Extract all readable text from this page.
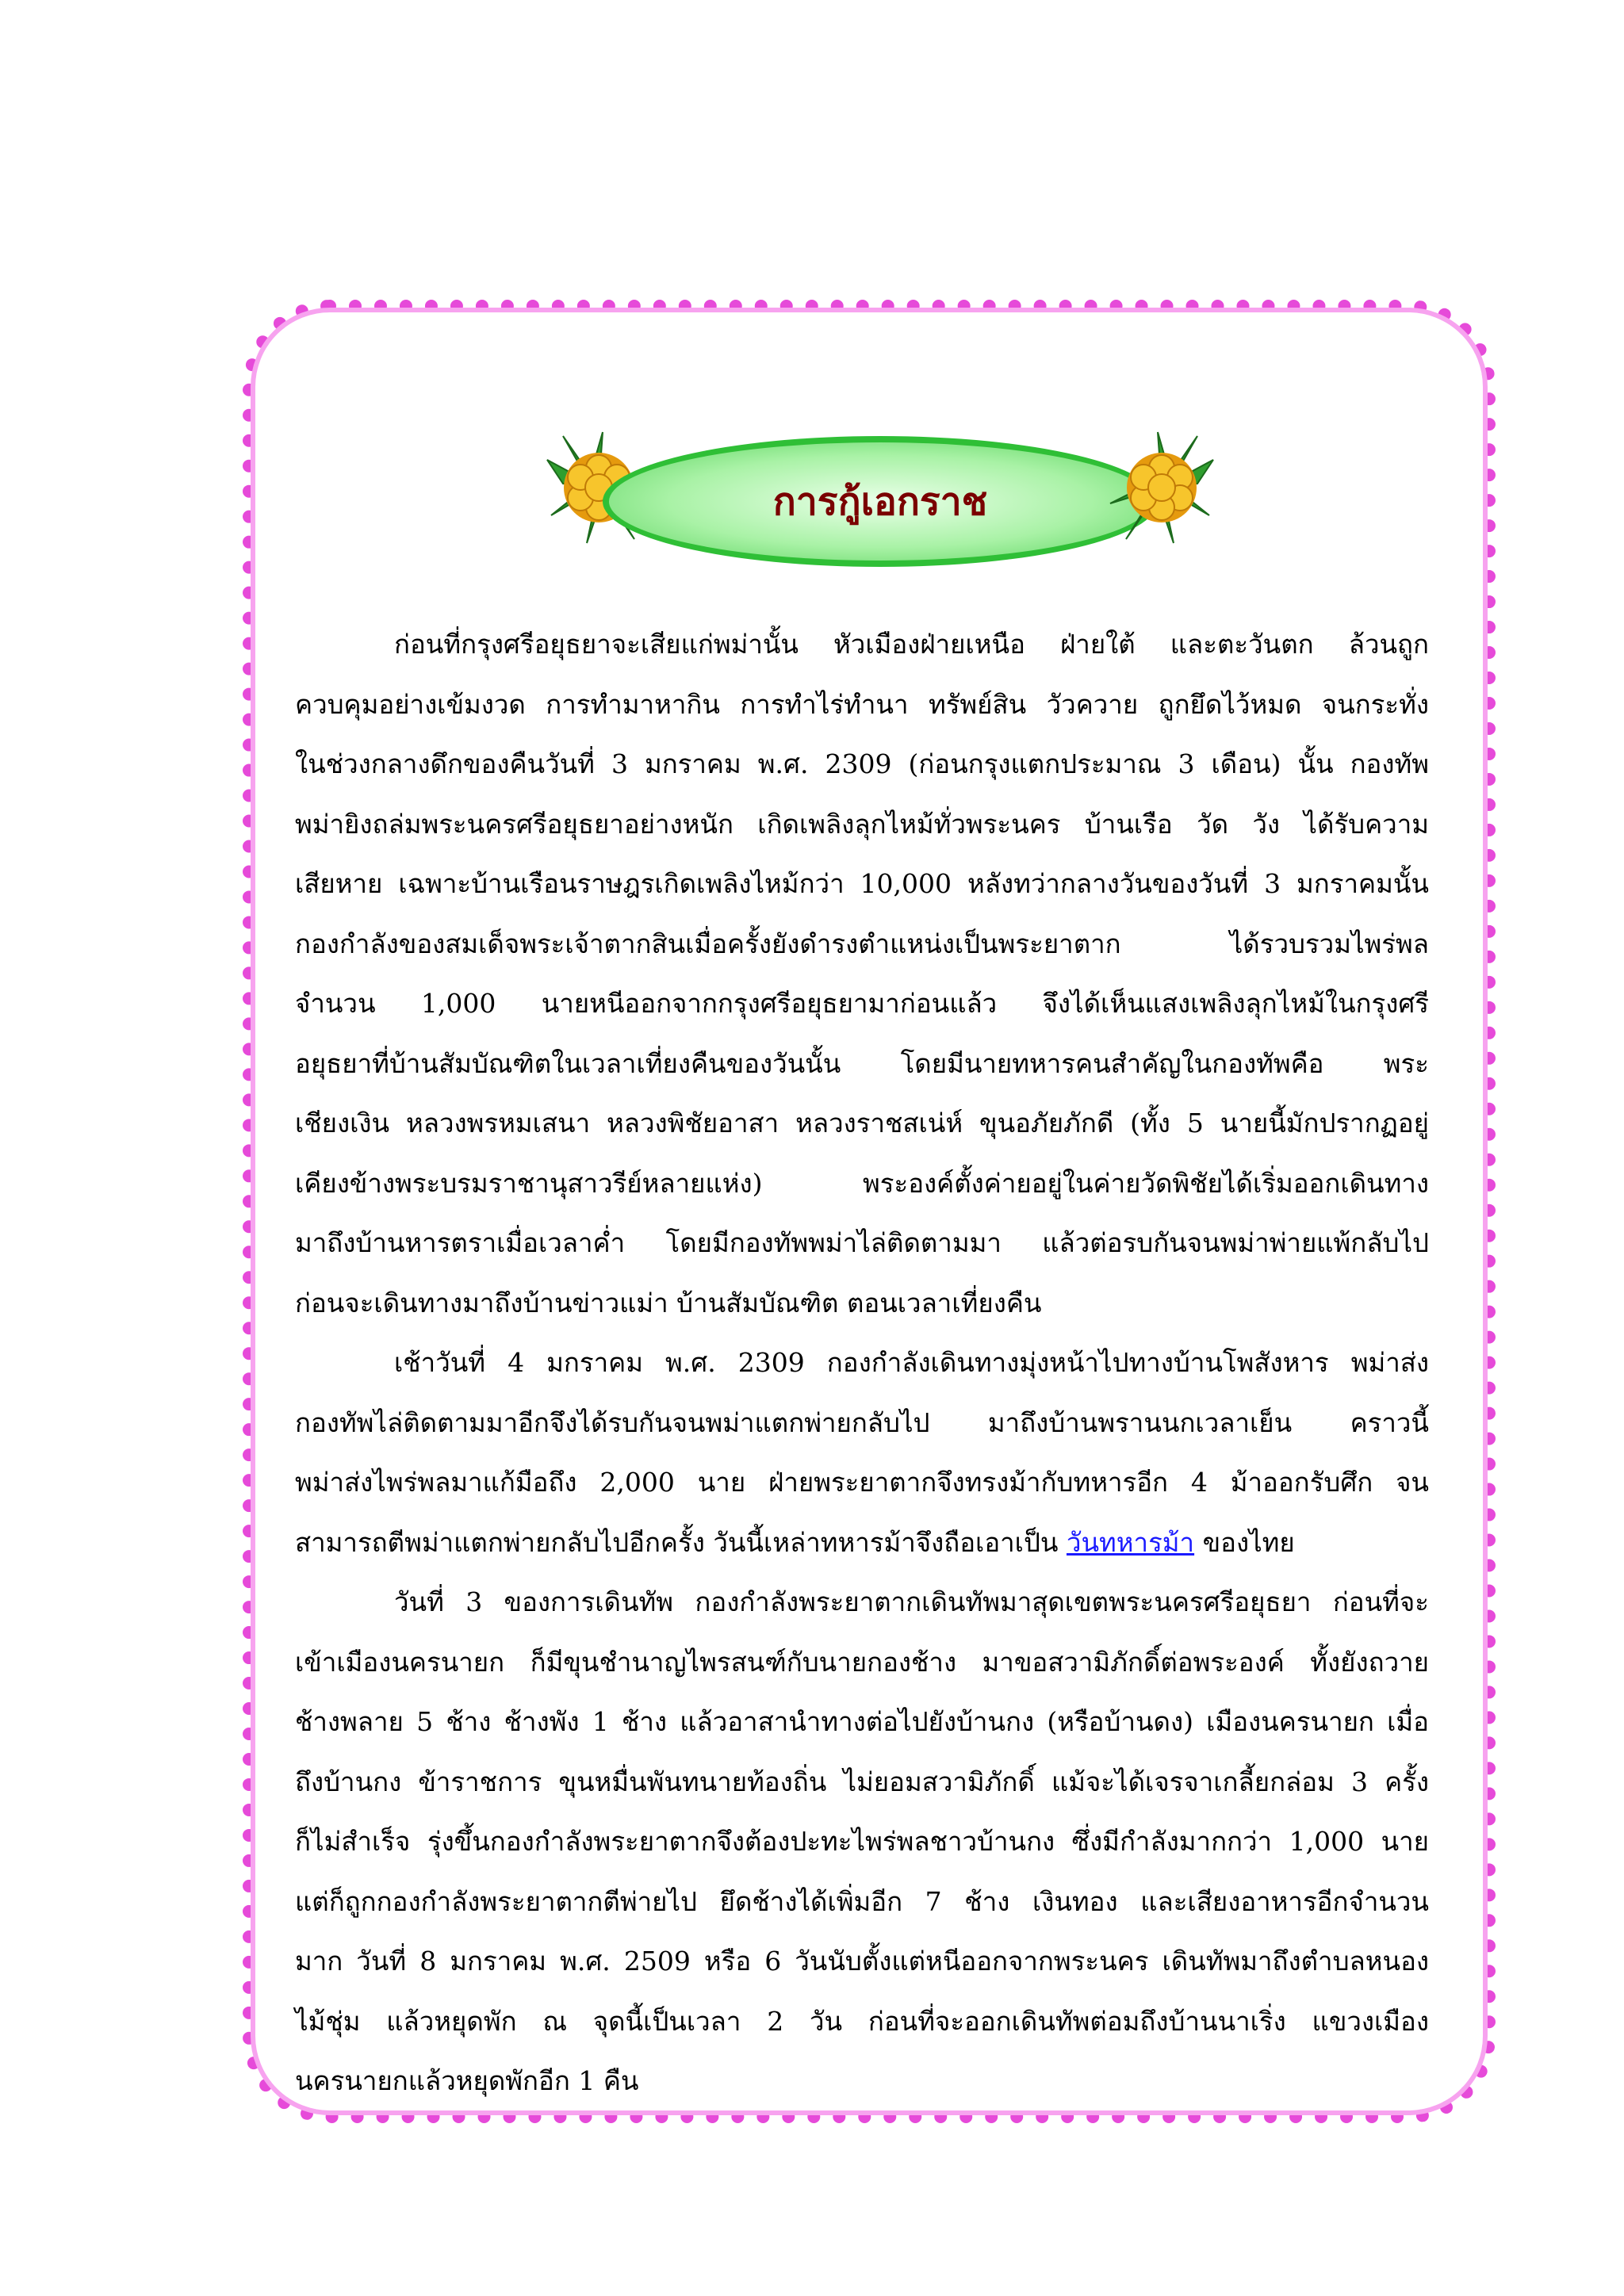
การกู้เอกราช
ก่อนที่กรุงศรีอยุธยาจะเสียแก่พม่านั้น หัวเมืองฝ่ายเหนือ ฝ่ายใต้ และตะวันตก ล้วนถูก
ควบคุมอย่างเข้มงวด การทำมาหากิน การทำไร่ทำนา ทรัพย์สิน วัวควาย ถูกยึดไว้หมด จนกระทั่ง
ในช่วงกลางดึกของคืนวันที่ 3 มกราคม พ.ศ. 2309 (ก่อนกรุงแตกประมาณ 3 เดือน) นั้น กองทัพ
พม่ายิงถล่มพระนครศรีอยุธยาอย่างหนัก เกิดเพลิงลุกไหม้ทั่วพระนคร บ้านเรือ วัด วัง ได้รับความ
เสียหาย เฉพาะบ้านเรือนราษฎรเกิดเพลิงไหม้กว่า 10,000 หลังทว่ากลางวันของวันที่ 3 มกราคมนั้น
กองกำลังของสมเด็จพระเจ้าตากสินเมื่อครั้งยังดำรงตำแหน่งเป็นพระยาตาก ได้รวบรวมไพร่พล
จำนวน 1,000 นายหนีออกจากกรุงศรีอยุธยามาก่อนแล้ว จึงได้เห็นแสงเพลิงลุกไหม้ในกรุงศรี
อยุธยาที่บ้านสัมบัณฑิตในเวลาเที่ยงคืนของวันนั้น โดยมีนายทหารคนสำคัญในกองทัพคือ พระ
เชียงเงิน หลวงพรหมเสนา หลวงพิชัยอาสา หลวงราชสเน่ห์ ขุนอภัยภักดี (ทั้ง 5 นายนี้มักปรากฏอยู่
เคียงข้างพระบรมราชานุสาวรีย์หลายแห่ง) พระองค์ตั้งค่ายอยู่ในค่ายวัดพิชัยได้เริ่มออกเดินทาง
มาถึงบ้านหารตราเมื่อเวลาค่ำ โดยมีกองทัพพม่าไล่ติดตามมา แล้วต่อรบกันจนพม่าพ่ายแพ้กลับไป
ก่อนจะเดินทางมาถึงบ้านข่าวแม่า บ้านสัมบัณฑิต ตอนเวลาเที่ยงคืน
เช้าวันที่ 4 มกราคม พ.ศ. 2309 กองกำลังเดินทางมุ่งหน้าไปทางบ้านโพสังหาร พม่าส่ง
กองทัพไล่ติดตามมาอีกจึงได้รบกันจนพม่าแตกพ่ายกลับไป มาถึงบ้านพรานนกเวลาเย็น คราวนี้
พม่าส่งไพร่พลมาแก้มือถึง 2,000 นาย ฝ่ายพระยาตากจึงทรงม้ากับทหารอีก 4 ม้าออกรับศึก จน
สามารถตีพม่าแตกพ่ายกลับไปอีกครั้ง วันนี้เหล่าทหารม้าจึงถือเอาเป็น วันทหารม้า ของไทย
วันที่ 3 ของการเดินทัพ กองกำลังพระยาตากเดินทัพมาสุดเขตพระนครศรีอยุธยา ก่อนที่จะ
เข้าเมืองนครนายก ก็มีขุนชำนาญไพรสนฑ์กับนายกองช้าง มาขอสวามิภักดิ์ต่อพระองค์ ทั้งยังถวาย
ช้างพลาย 5 ช้าง ช้างพัง 1 ช้าง แล้วอาสานำทางต่อไปยังบ้านกง (หรือบ้านดง) เมืองนครนายก เมื่อ
ถึงบ้านกง ข้าราชการ ขุนหมื่นพันทนายท้องถิ่น ไม่ยอมสวามิภักดิ์ แม้จะได้เจรจาเกลี้ยกล่อม 3 ครั้ง
ก็ไม่สำเร็จ รุ่งขึ้นกองกำลังพระยาตากจึงต้องปะทะไพร่พลชาวบ้านกง ซึ่งมีกำลังมากกว่า 1,000 นาย
แต่ก็ถูกกองกำลังพระยาตากตีพ่ายไป ยึดช้างได้เพิ่มอีก 7 ช้าง เงินทอง และเสียงอาหารอีกจำนวน
มาก วันที่ 8 มกราคม พ.ศ. 2509 หรือ 6 วันนับตั้งแต่หนีออกจากพระนคร เดินทัพมาถึงตำบลหนอง
ไม้ชุ่ม แล้วหยุดพัก ณ จุดนี้เป็นเวลา 2 วัน ก่อนที่จะออกเดินทัพต่อมถึงบ้านนาเริ่ง แขวงเมือง
นครนายกแล้วหยุดพักอีก 1 คืน
